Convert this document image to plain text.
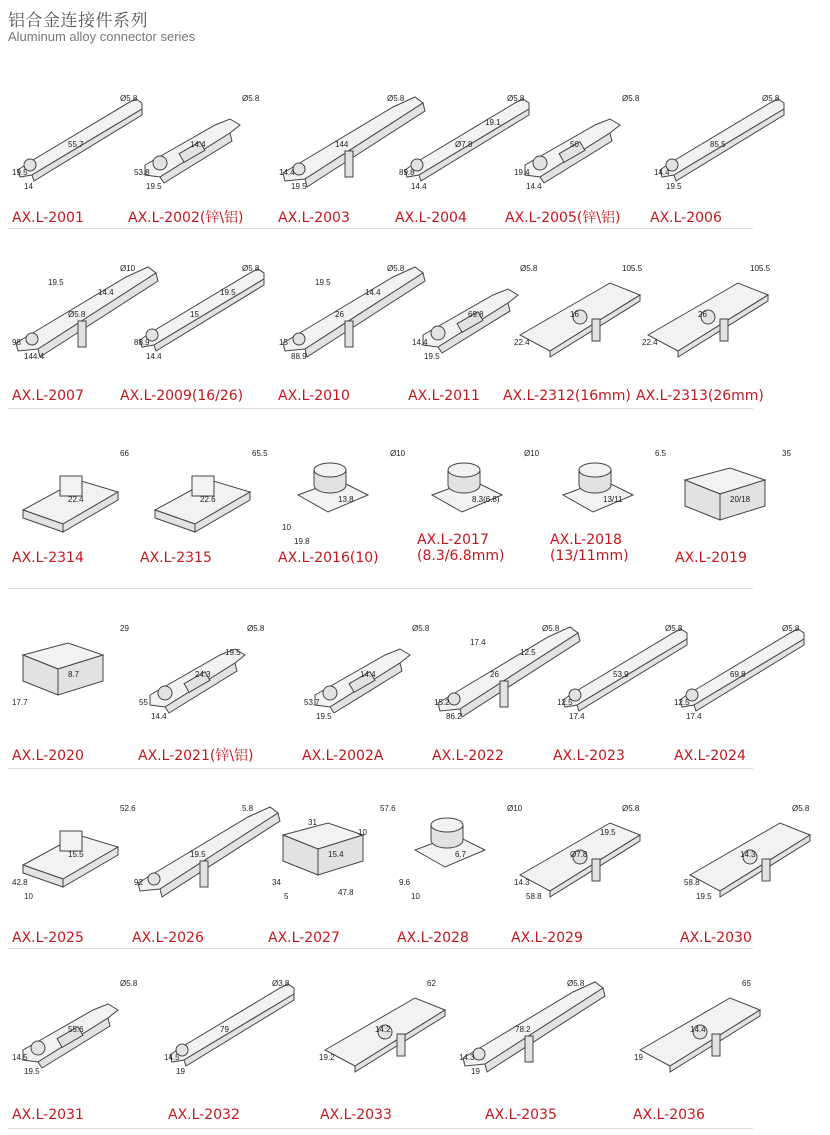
铝合金连接件系列
Aluminum alloy connector series
Ø5.8
55.7
19.5
14
AX.L-2001
Ø5.8
14.4
53.8
19.5
AX.L-2002(锌\铝)
Ø5.8
144
14.4
19.5
AX.L-2003
Ø5.8
Ø7.8
89.8
14.4
19.1
AX.L-2004
Ø5.8
50
19.4
14.4
AX.L-2005(锌\铝)
Ø5.8
85.5
14.4
19.5
AX.L-2006
Ø10
Ø5.8
98
144.4
14.4
19.5
AX.L-2007
Ø5.8
15
88.9
14.4
19.5
AX.L-2009(16/26)
Ø5.8
26
15
88.9
14.4
19.5
AX.L-2010
Ø5.8
69.8
14.4
19.5
AX.L-2011
105.5
16
22.4
AX.L-2312(16mm)
105.5
26
22.4
AX.L-2313(26mm)
66
22.4
AX.L-2314
65.5
22.6
AX.L-2315
Ø10
13.8
10
19.8
AX.L-2016(10)
Ø10
8.3(6.8)
AX.L-2017
(8.3/6.8mm)
6.5
13/11
AX.L-2018
(13/11mm)
35
20/18
AX.L-2019
29
8.7
17.7
AX.L-2020
Ø5.8
24.3
55
14.4
19.5
AX.L-2021(锌\铝)
Ø5.8
14.4
53.7
19.5
AX.L-2002A
Ø5.8
26
15.2
86.2
12.5
17.4
AX.L-2022
Ø5.8
53.9
12.5
17.4
AX.L-2023
Ø5.8
69.8
12.5
17.4
AX.L-2024
52.6
15.5
42.8
10
AX.L-2025
5.8
19.5
92
AX.L-2026
57.6
15.4
34
5
10
31
47.8
AX.L-2027
Ø10
6.7
9.6
10
AX.L-2028
Ø5.8
Ø7.8
14.3
58.8
19.5
AX.L-2029
Ø5.8
14.3
58.8
19.5
AX.L-2030
Ø5.8
55.6
14.5
19.5
AX.L-2031
Ø3.8
79
14.5
19
AX.L-2032
62
14.2
19.2
AX.L-2033
Ø5.8
78.2
14.3
19
AX.L-2035
65
14.4
19
AX.L-2036
